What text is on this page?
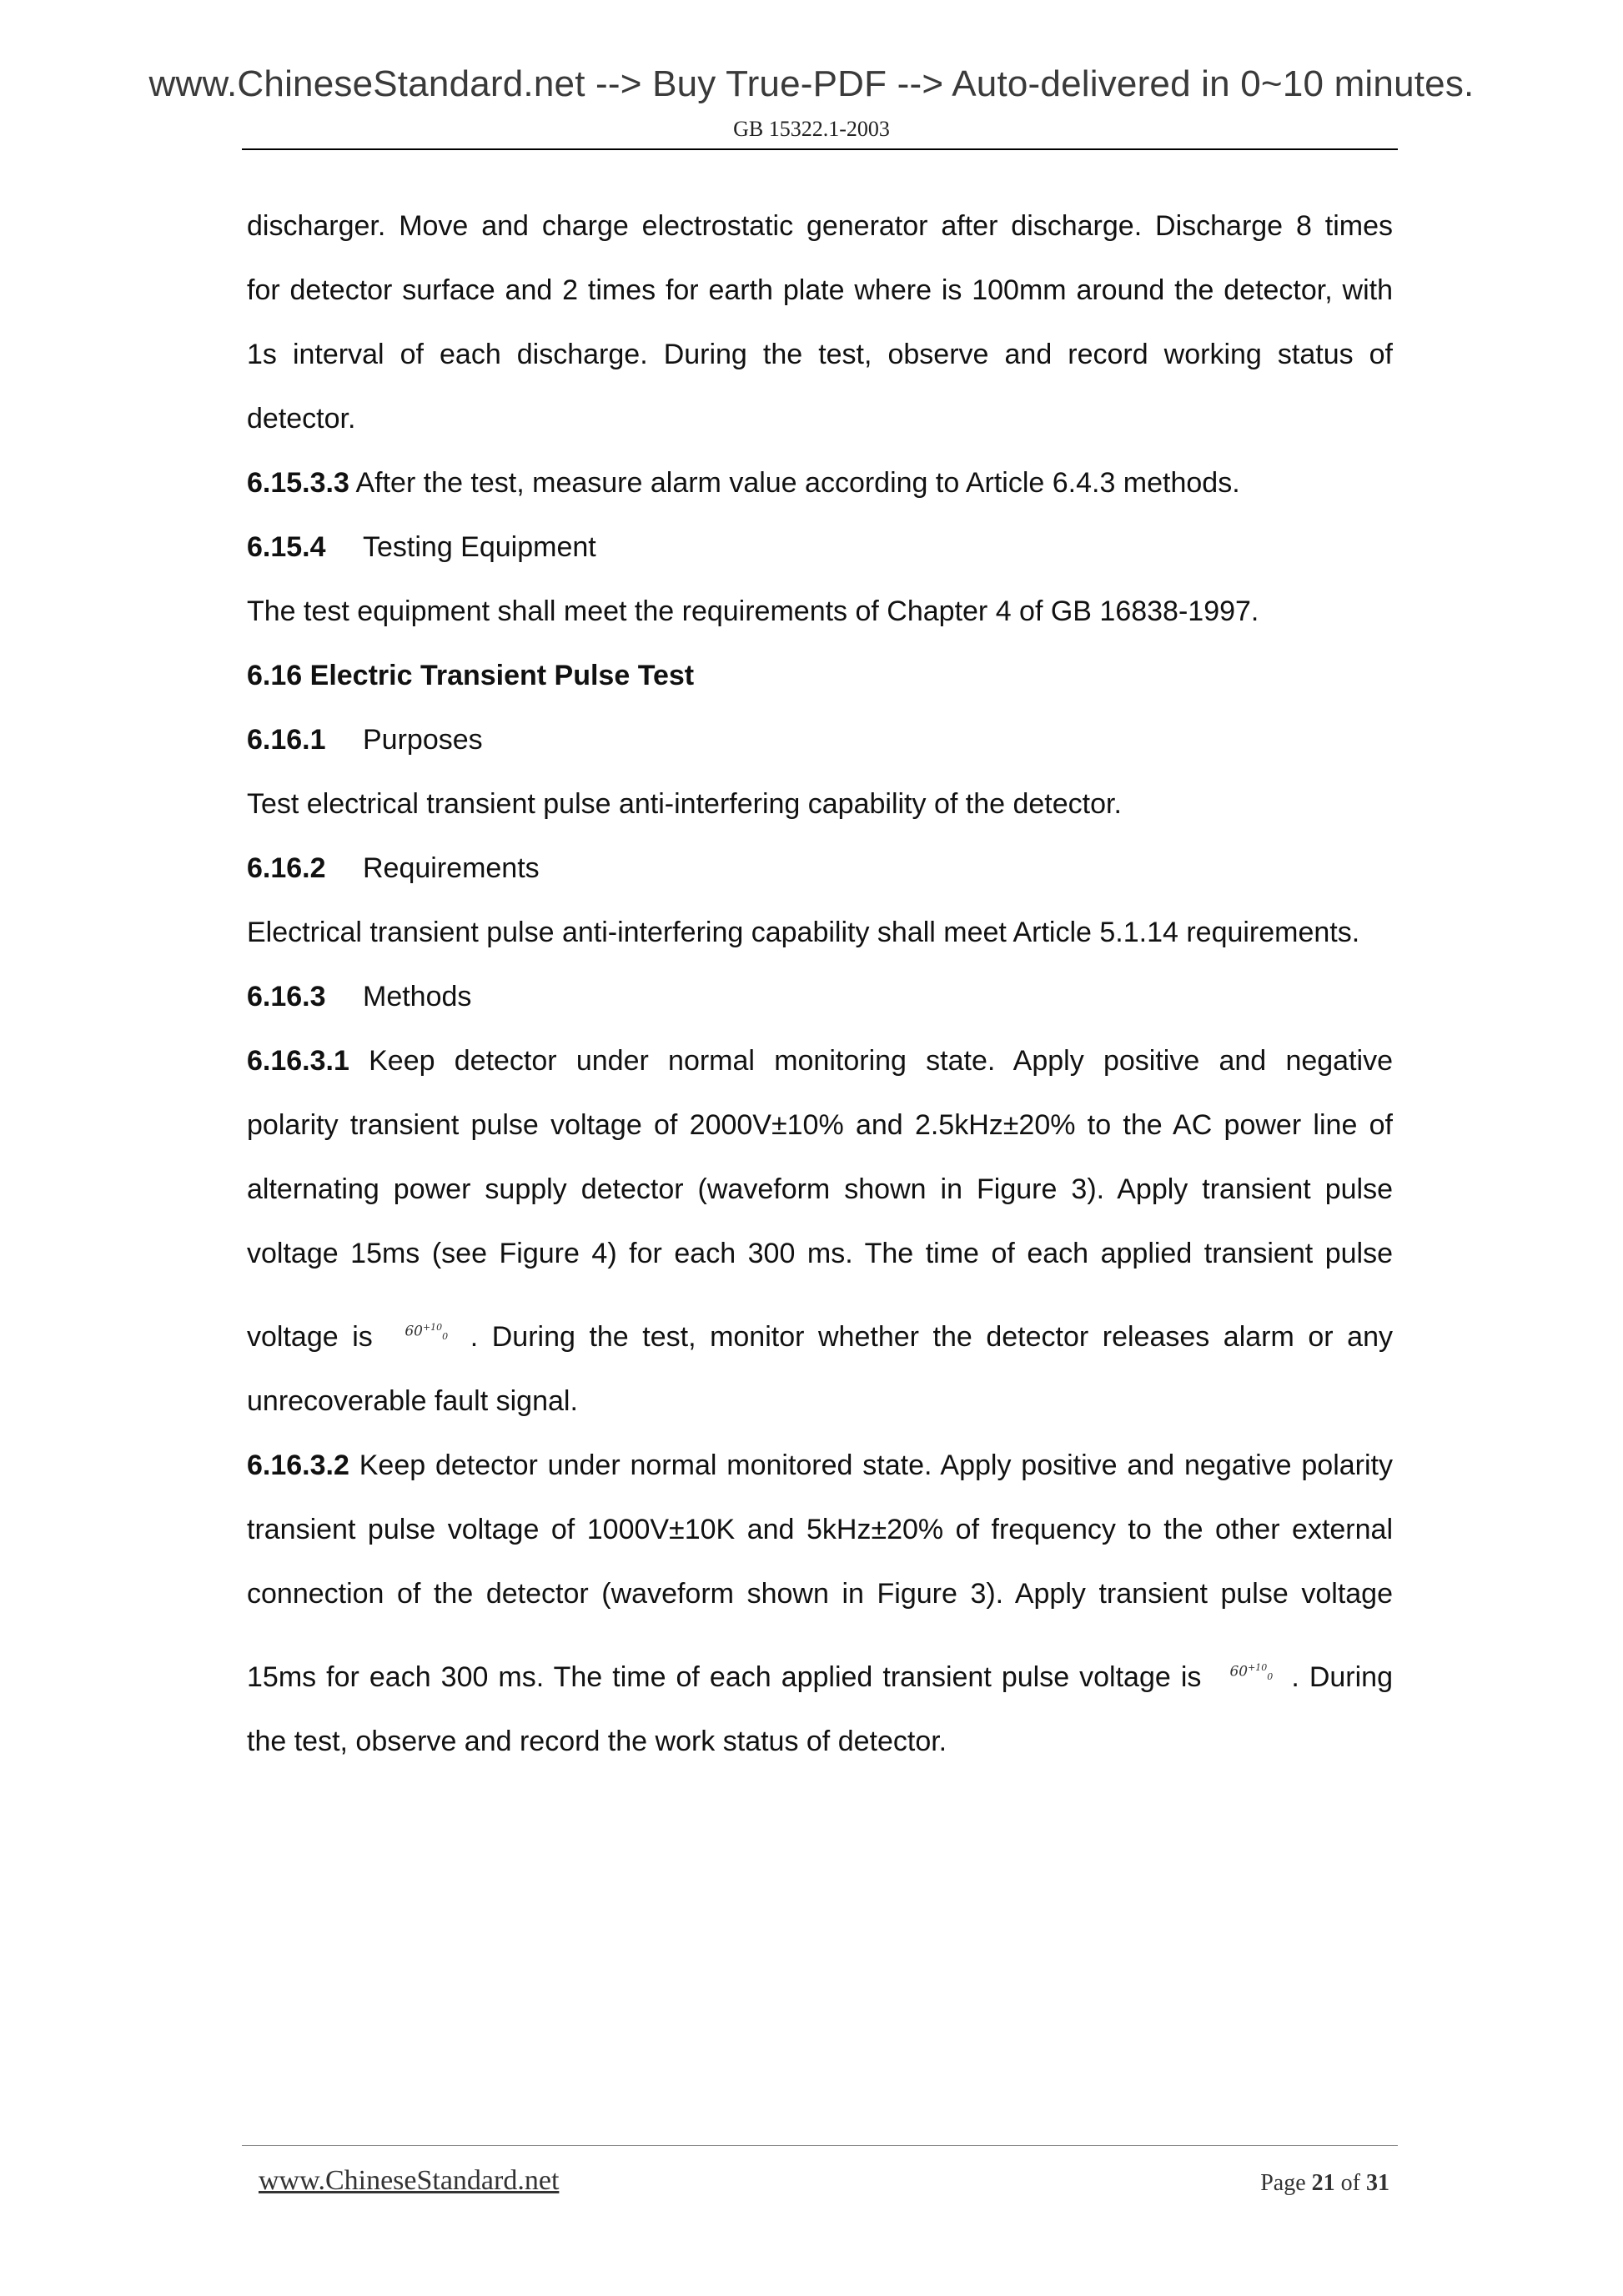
www.ChineseStandard.net --> Buy True-PDF --> Auto-delivered in 0~10 minutes.
GB 15322.1-2003
discharger. Move and charge electrostatic generator after discharge. Discharge 8 times
for detector surface and 2 times for earth plate where is 100mm around the detector, with
1s interval of each discharge. During the test, observe and record working status of
detector.
6.15.3.3 After the test, measure alarm value according to Article 6.4.3 methods.
6.15.4 Testing Equipment
The test equipment shall meet the requirements of Chapter 4 of GB 16838-1997.
6.16 Electric Transient Pulse Test
6.16.1 Purposes
Test electrical transient pulse anti-interfering capability of the detector.
6.16.2 Requirements
Electrical transient pulse anti-interfering capability shall meet Article 5.1.14 requirements.
6.16.3 Methods
6.16.3.1 Keep detector under normal monitoring state. Apply positive and negative
polarity transient pulse voltage of 2000V±10% and 2.5kHz±20% to the AC power line of
alternating power supply detector (waveform shown in Figure 3). Apply transient pulse
voltage 15ms (see Figure 4) for each 300 ms. The time of each applied transient pulse
voltage is $60^{+10}_0$ . During the test, monitor whether the detector releases alarm or any
unrecoverable fault signal.
6.16.3.2 Keep detector under normal monitored state. Apply positive and negative polarity
transient pulse voltage of 1000V±10K and 5kHz±20% of frequency to the other external
connection of the detector (waveform shown in Figure 3). Apply transient pulse voltage
15ms for each 300 ms. The time of each applied transient pulse voltage is $60^{+10}_0$ . During
the test, observe and record the work status of detector.
www.ChineseStandard.net	Page 21 of 31
